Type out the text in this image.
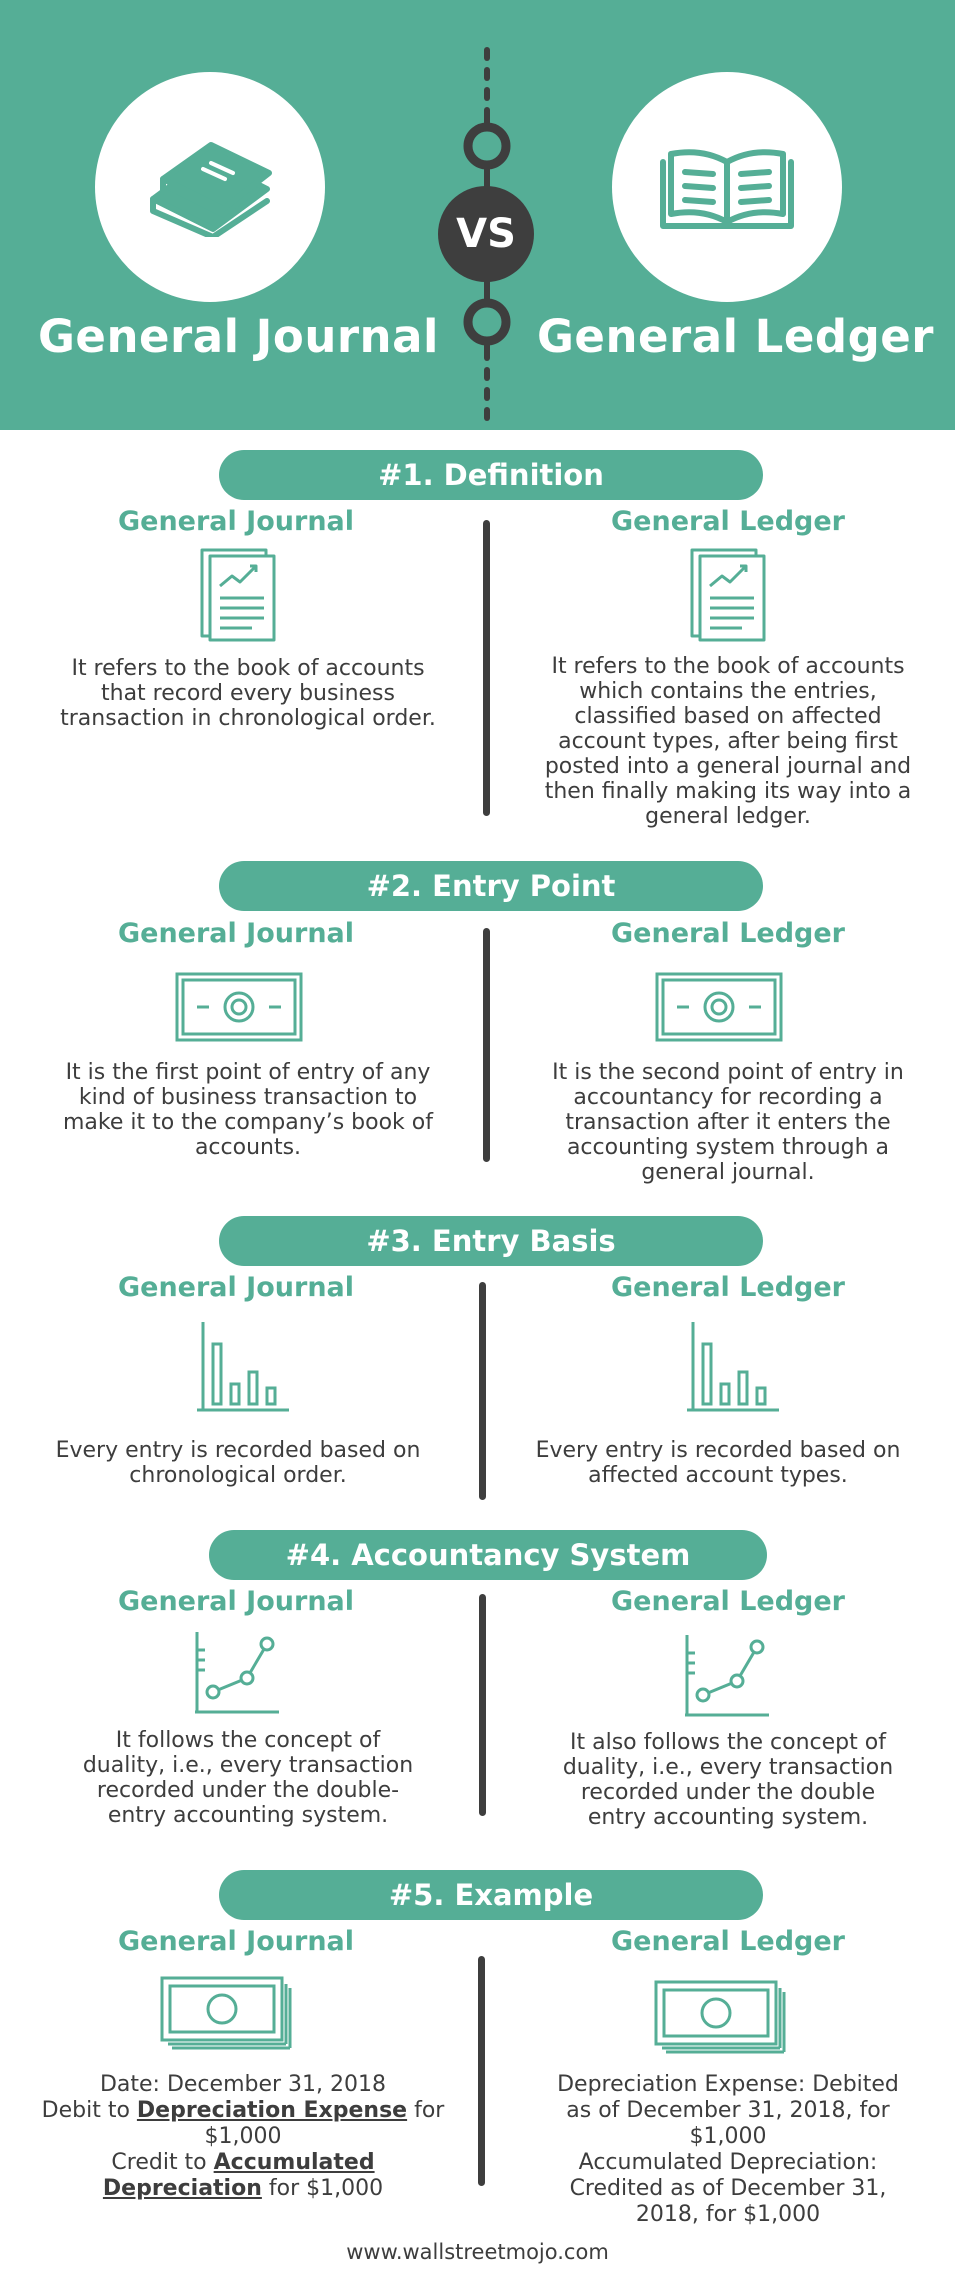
VS
General Journal General Ledger
#1. Definition
General Journal	General Ledger
It refers to the book of accounts
that record every business
transaction in chronological order.
It refers to the book of accounts
which contains the entries,
classified based on affected
account types, after being first
posted into a general journal and
then finally making its way into a
general ledger.
#2. Entry Point
General Journal	General Ledger
It is the first point of entry of any
kind of business transaction to
make it to the company’s book of
accounts.
It is the second point of entry in
accountancy for recording a
transaction after it enters the
accounting system through a
general journal.
#3. Entry Basis
General Journal	General Ledger
Every entry is recorded based on
chronological order.
Every entry is recorded based on
affected account types.
#4. Accountancy System
General Journal	General Ledger
It follows the concept of
duality, i.e., every transaction
recorded under the double-
entry accounting system.
It also follows the concept of
duality, i.e., every transaction
recorded under the double
entry accounting system.
#5. Example
General Journal	General Ledger
Date: December 31, 2018
Debit to Depreciation Expense for
$1,000
Credit to Accumulated
Depreciation for $1,000
Depreciation Expense: Debited
as of December 31, 2018, for
$1,000
Accumulated Depreciation:
Credited as of December 31,
2018, for $1,000
www.wallstreetmojo.com
